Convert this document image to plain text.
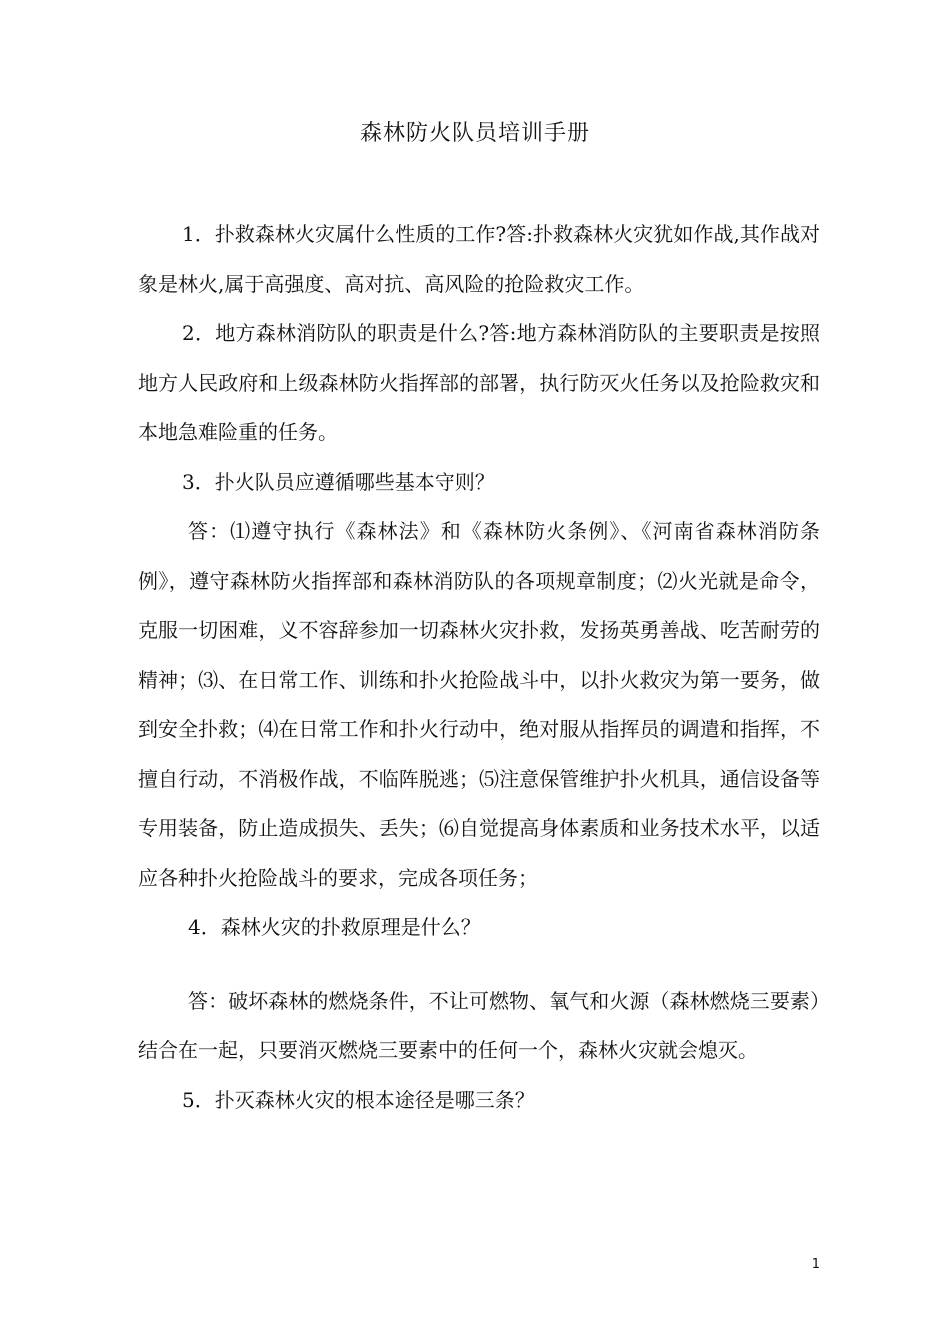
森林防火队员培训手册

1．扑救森林火灾属什么性质的工作?答:扑救森林火灾犹如作战,其作战对象是林火,属于高强度、高对抗、高风险的抢险救灾工作。

2．地方森林消防队的职责是什么?答:地方森林消防队的主要职责是按照地方人民政府和上级森林防火指挥部的部署，执行防灭火任务以及抢险救灾和本地急难险重的任务。

3．扑火队员应遵循哪些基本守则？

答：⑴遵守执行《森林法》和《森林防火条例》、《河南省森林消防条例》，遵守森林防火指挥部和森林消防队的各项规章制度；⑵火光就是命令，克服一切困难，义不容辞参加一切森林火灾扑救，发扬英勇善战、吃苦耐劳的精神；⑶、在日常工作、训练和扑火抢险战斗中，以扑火救灾为第一要务，做到安全扑救；⑷在日常工作和扑火行动中，绝对服从指挥员的调遣和指挥，不擅自行动，不消极作战，不临阵脱逃；⑸注意保管维护扑火机具，通信设备等专用装备，防止造成损失、丢失；⑹自觉提高身体素质和业务技术水平，以适应各种扑火抢险战斗的要求，完成各项任务；

4．森林火灾的扑救原理是什么？

答：破坏森林的燃烧条件，不让可燃物、氧气和火源（森林燃烧三要素）结合在一起，只要消灭燃烧三要素中的任何一个，森林火灾就会熄灭。

5．扑灭森林火灾的根本途径是哪三条？

1
